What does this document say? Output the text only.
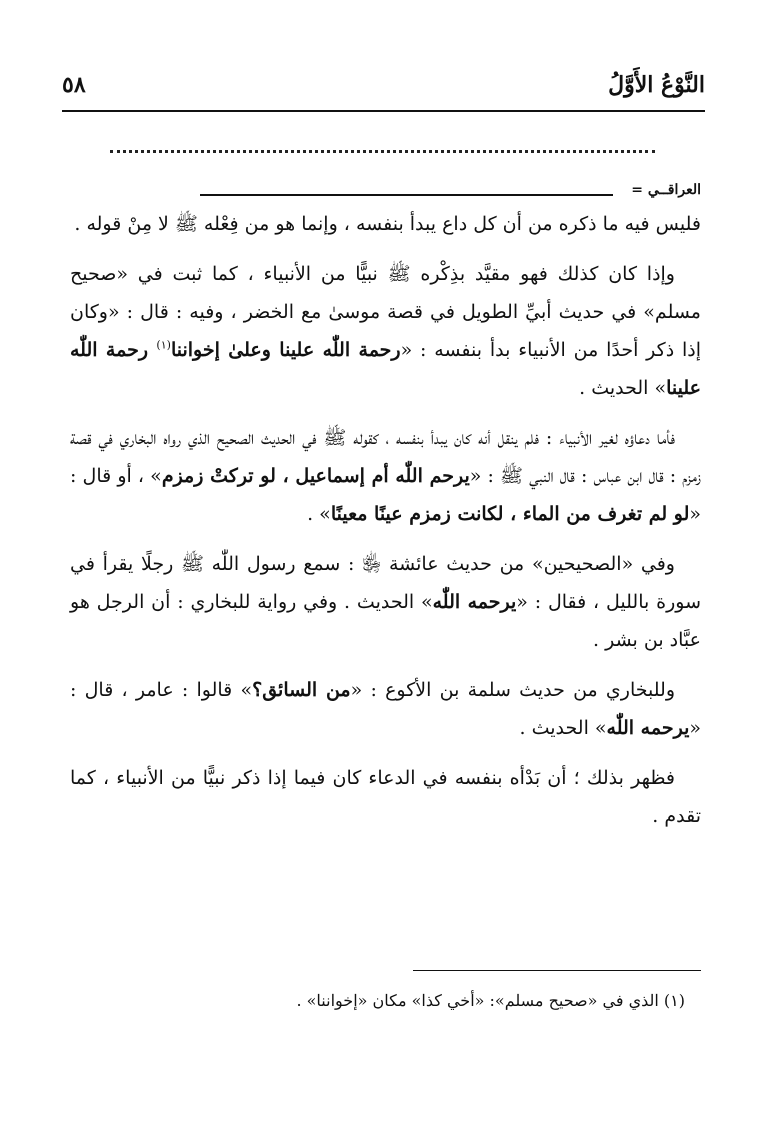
النَّوْعُ الأَوَّلُ
٥٨
العراقــي =

فليس فيه ما ذكره من أن كل داع يبدأ بنفسه ، وإنما هو من فِعْله ﷺ لا مِنْ قوله .

وإذا كان كذلك فهو مقيَّد بذِكْره ﷺ نبيًّا من الأنبياء ، كما ثبت في «صحيح مسلم» في حديث أبيِّ الطويل في قصة موسىٰ مع الخضر ، وفيه : قال : «وكان إذا ذكر أحدًا من الأنبياء بدأ بنفسه : «رحمة اللّٰه علينا وعلىٰ إخواننا$^{(١)}$ رحمة اللّٰه علينا» الحديث .

فأما دعاؤه لغير الأنبياء : فلم ينقل أنه كان يبدأ بنفسه ، كقوله ﷺ في الحديث الصحيح الذي رواه البخاري في قصة زمزم : قال ابن عباس : قال النبي ﷺ : «يرحم اللّٰه أم إسماعيل ، لو تركتْ زمزم» ، أو قال : «لو لم تغرف من الماء ، لكانت زمزم عينًا معينًا» .

وفي «الصحيحين» من حديث عائشة ﵂ : سمع رسول اللّٰه ﷺ رجلًا يقرأ في سورة بالليل ، فقال : «يرحمه اللّٰه» الحديث . وفي رواية للبخاري : أن الرجل هو عبَّاد بن بشر .

وللبخاري من حديث سلمة بن الأكوع : «من السائق؟» قالوا : عامر ، قال : «يرحمه اللّٰه» الحديث .

فظهر بذلك ؛ أن بَدْأه بنفسه في الدعاء كان فيما إذا ذكر نبيًّا من الأنبياء ، كما تقدم .

(١) الذي في «صحيح مسلم»: «أخي كذا» مكان «إخواننا» .
